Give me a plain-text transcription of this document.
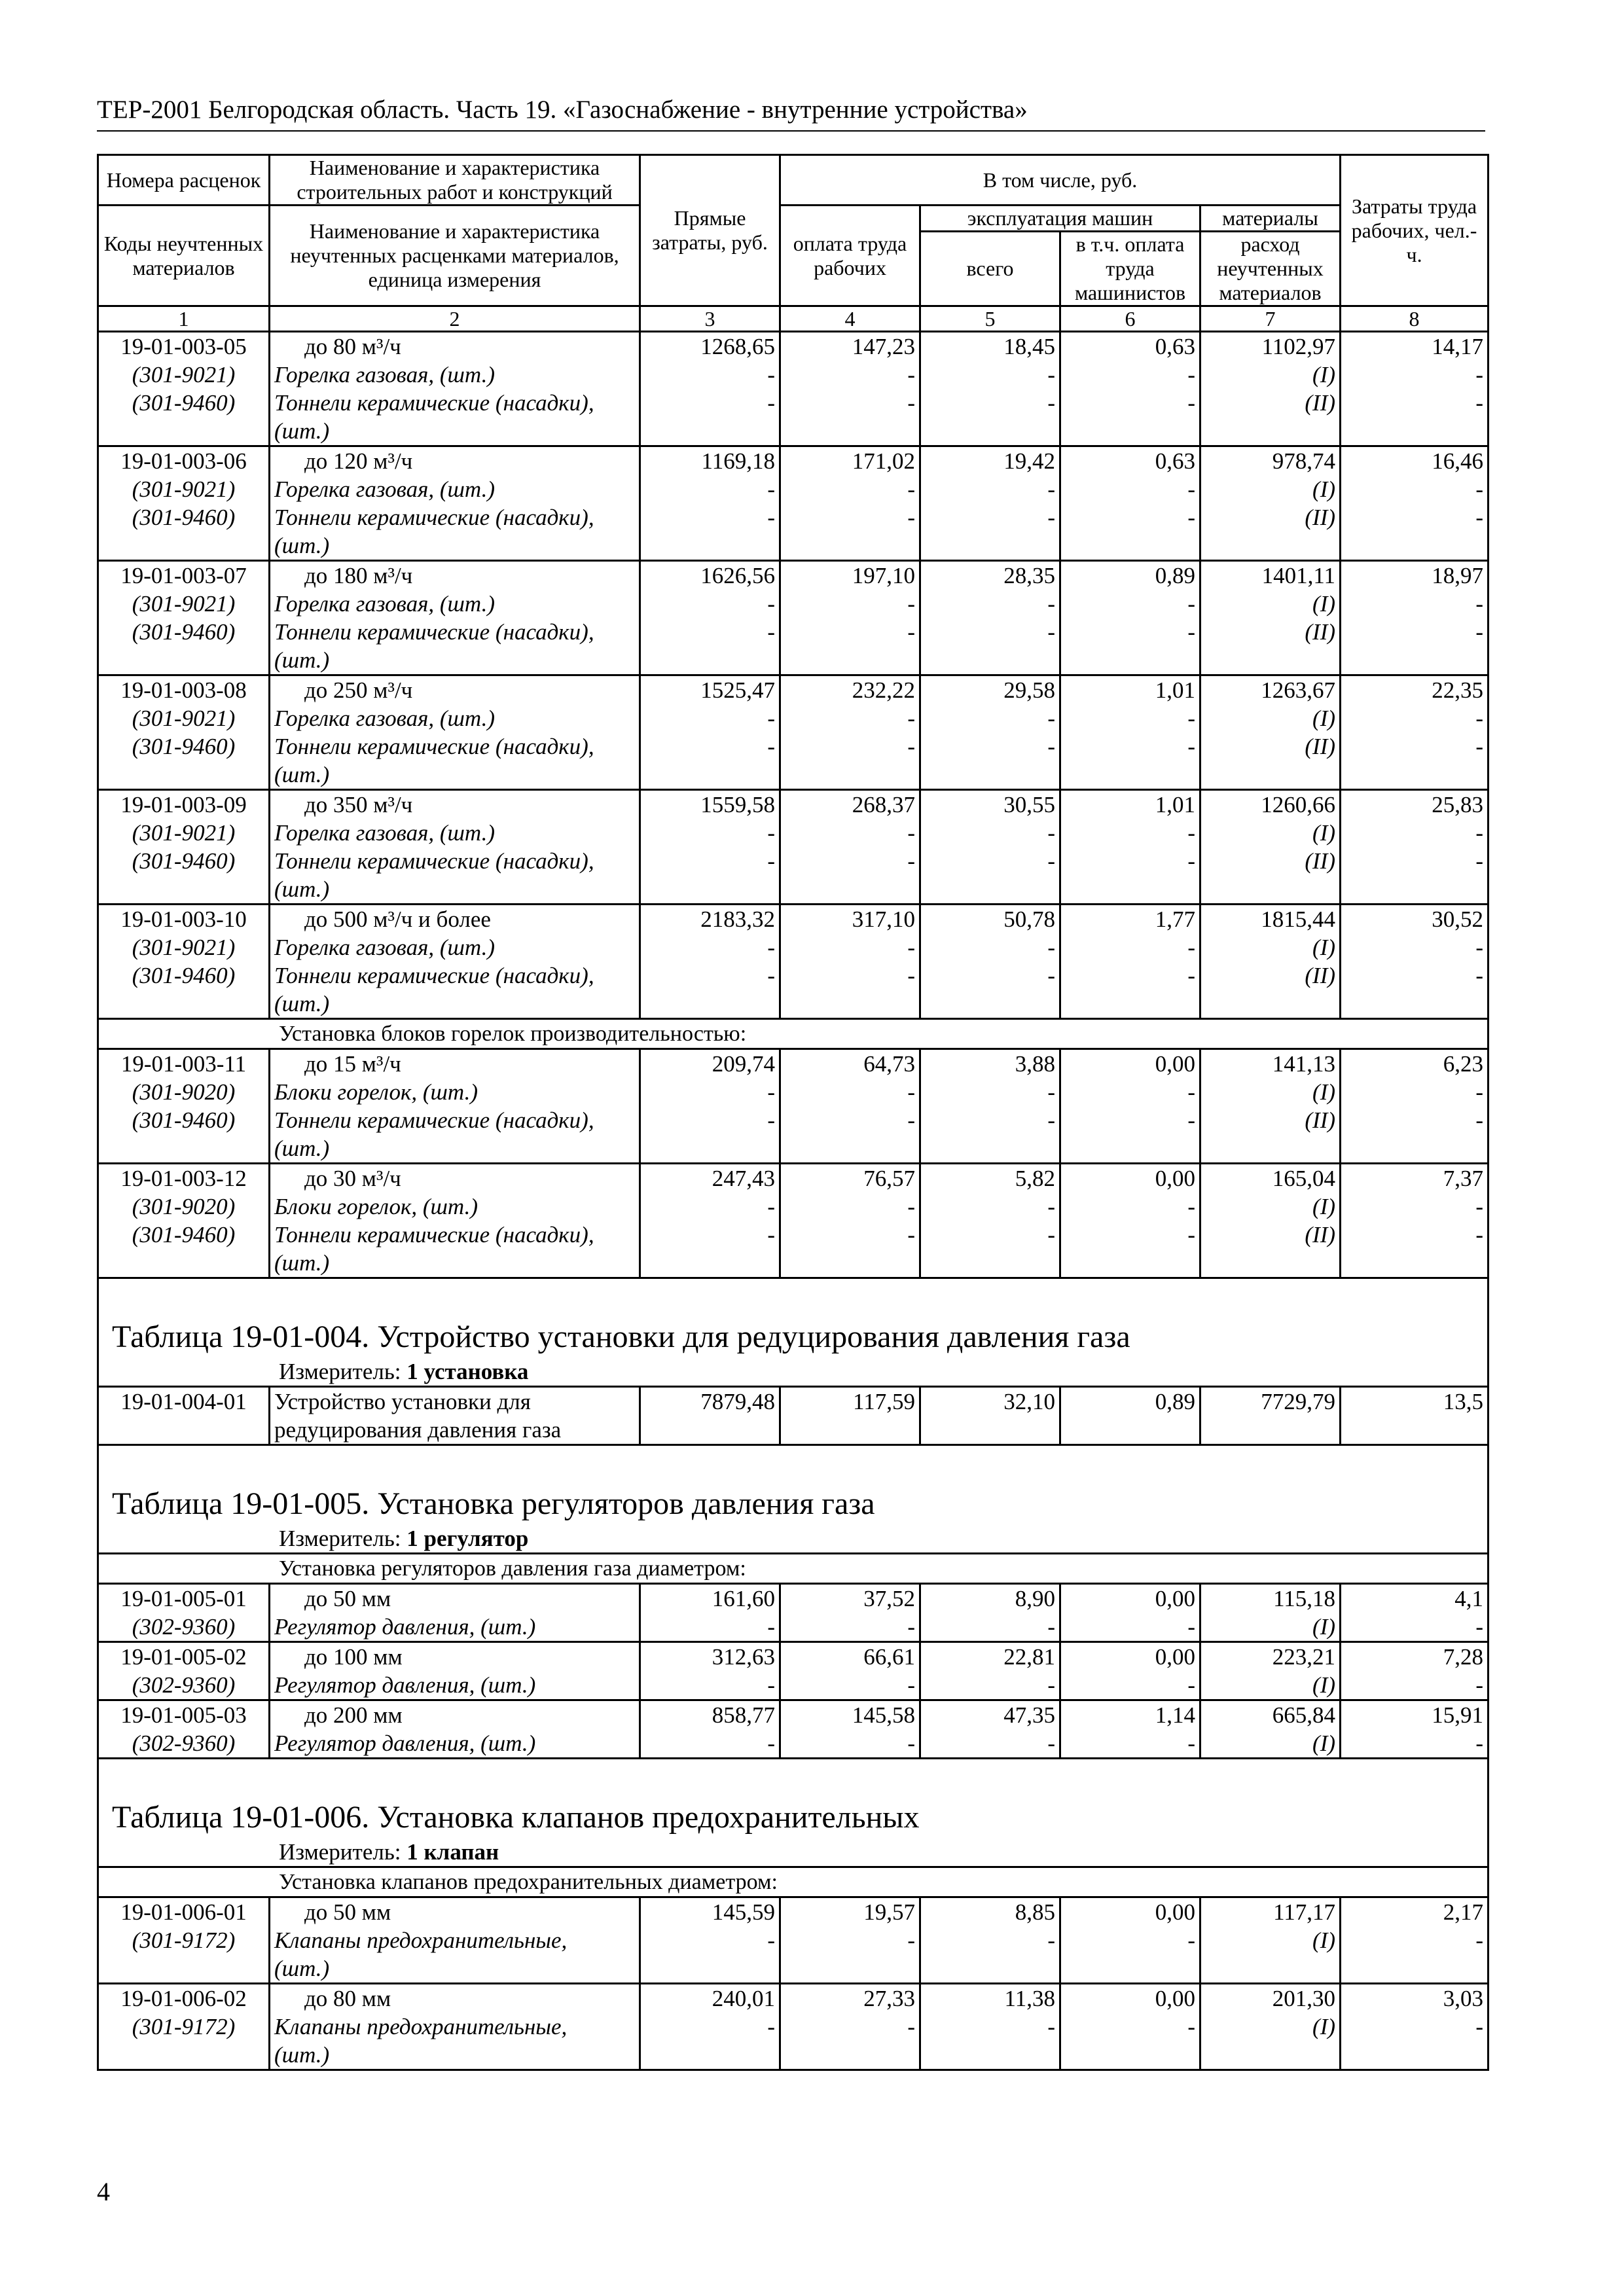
ТЕР-2001 Белгородская область. Часть 19. «Газоснабжение - внутренние устройства»
Номера расценок	Наименование и характеристика строительных работ и конструкций	Прямые затраты, руб.	В том числе, руб.				Затраты труда рабочих, чел.-ч.
Коды неучтенных материалов	Наименование и характеристика неучтенных расценками материалов, единица измерения		оплата труда рабочих	эксплуатация машин		материалы	
				всего	в т.ч. оплата труда машинистов	расход неучтенных материалов	
1	2	3	4	5	6	7	8
19-01-003-05	до 80 м³/ч	1268,65	147,23	18,45	0,63	1102,97	14,17
(301-9021)	Горелка газовая, (шт.)	-	-	-	-	(I)	-
(301-9460)	Тоннели керамические (насадки),	-	-	-	-	(II)	-
	(шт.)						
19-01-003-06	до 120 м³/ч	1169,18	171,02	19,42	0,63	978,74	16,46
(301-9021)	Горелка газовая, (шт.)	-	-	-	-	(I)	-
(301-9460)	Тоннели керамические (насадки),	-	-	-	-	(II)	-
	(шт.)						
19-01-003-07	до 180 м³/ч	1626,56	197,10	28,35	0,89	1401,11	18,97
(301-9021)	Горелка газовая, (шт.)	-	-	-	-	(I)	-
(301-9460)	Тоннели керамические (насадки),	-	-	-	-	(II)	-
	(шт.)						
19-01-003-08	до 250 м³/ч	1525,47	232,22	29,58	1,01	1263,67	22,35
(301-9021)	Горелка газовая, (шт.)	-	-	-	-	(I)	-
(301-9460)	Тоннели керамические (насадки),	-	-	-	-	(II)	-
	(шт.)						
19-01-003-09	до 350 м³/ч	1559,58	268,37	30,55	1,01	1260,66	25,83
(301-9021)	Горелка газовая, (шт.)	-	-	-	-	(I)	-
(301-9460)	Тоннели керамические (насадки),	-	-	-	-	(II)	-
	(шт.)						
19-01-003-10	до 500 м³/ч и более	2183,32	317,10	50,78	1,77	1815,44	30,52
(301-9021)	Горелка газовая, (шт.)	-	-	-	-	(I)	-
(301-9460)	Тоннели керамические (насадки),	-	-	-	-	(II)	-
	(шт.)						
Установка блоков горелок производительностью:							
19-01-003-11	до 15 м³/ч	209,74	64,73	3,88	0,00	141,13	6,23
(301-9020)	Блоки горелок, (шт.)	-	-	-	-	(I)	-
(301-9460)	Тоннели керамические (насадки),	-	-	-	-	(II)	-
	(шт.)						
19-01-003-12	до 30 м³/ч	247,43	76,57	5,82	0,00	165,04	7,37
(301-9020)	Блоки горелок, (шт.)	-	-	-	-	(I)	-
(301-9460)	Тоннели керамические (насадки),	-	-	-	-	(II)	-
	(шт.)						
Таблица 19-01-004. Устройство установки для редуцирования давления газа							
Измеритель: 1 установка							
19-01-004-01	Устройство установки для	7879,48	117,59	32,10	0,89	7729,79	13,5
	редуцирования давления газа						
Таблица 19-01-005. Установка регуляторов давления газа							
Измеритель: 1 регулятор							
Установка регуляторов давления газа диаметром:							
19-01-005-01	до 50 мм	161,60	37,52	8,90	0,00	115,18	4,1
(302-9360)	Регулятор давления, (шт.)	-	-	-	-	(I)	-
19-01-005-02	до 100 мм	312,63	66,61	22,81	0,00	223,21	7,28
(302-9360)	Регулятор давления, (шт.)	-	-	-	-	(I)	-
19-01-005-03	до 200 мм	858,77	145,58	47,35	1,14	665,84	15,91
(302-9360)	Регулятор давления, (шт.)	-	-	-	-	(I)	-
Таблица 19-01-006. Установка клапанов предохранительных							
Измеритель: 1 клапан							
Установка клапанов предохранительных диаметром:							
19-01-006-01	до 50 мм	145,59	19,57	8,85	0,00	117,17	2,17
(301-9172)	Клапаны предохранительные,	-	-	-	-	(I)	-
	(шт.)						
19-01-006-02	до 80 мм	240,01	27,33	11,38	0,00	201,30	3,03
(301-9172)	Клапаны предохранительные,	-	-	-	-	(I)	-
	(шт.)						
4
